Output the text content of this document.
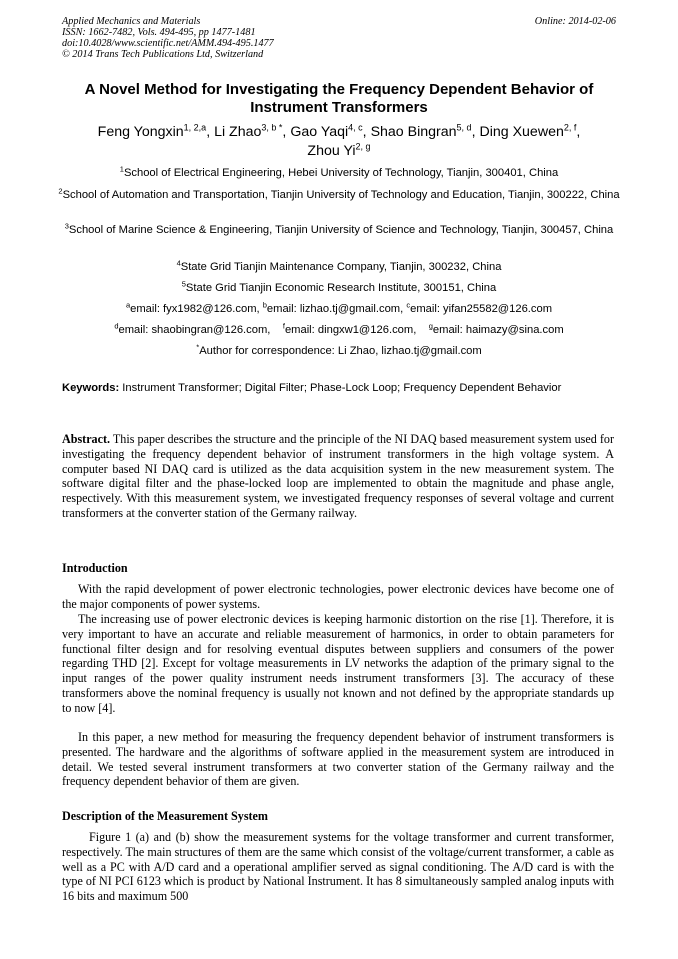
Applied Mechanics and Materials
ISSN: 1662-7482, Vols. 494-495, pp 1477-1481
doi:10.4028/www.scientific.net/AMM.494-495.1477
© 2014 Trans Tech Publications Ltd, Switzerland
Online: 2014-02-06
A Novel Method for Investigating the Frequency Dependent Behavior of Instrument Transformers
Feng Yongxin$^{1, 2,a}$, Li Zhao$^{3, b *}$, Gao Yaqi$^{4, c}$, Shao Bingran$^{5, d}$, Ding Xuewen$^{2, f}$,
Zhou Yi$^{2, g}$
$^1$School of Electrical Engineering, Hebei University of Technology, Tianjin, 300401, China
$^2$School of Automation and Transportation, Tianjin University of Technology and Education, Tianjin, 300222, China
$^3$School of Marine Science & Engineering, Tianjin University of Science and Technology, Tianjin, 300457, China
$^4$State Grid Tianjin Maintenance Company, Tianjin, 300232, China
$^5$State Grid Tianjin Economic Research Institute, 300151, China
$^a$email: fyx1982@126.com, $^b$email: lizhao.tj@gmail.com, $^c$email: yifan25582@126.com
$^d$email: shaobingran@126.com,    $^f$email: dingxw1@126.com,    $^g$email: haimazy@sina.com
*Author for correspondence: Li Zhao, lizhao.tj@gmail.com
Keywords: Instrument Transformer; Digital Filter; Phase-Lock Loop; Frequency Dependent Behavior
Abstract. This paper describes the structure and the principle of the NI DAQ based measurement system used for investigating the frequency dependent behavior of instrument transformers in the high voltage system. A computer based NI DAQ card is utilized as the data acquisition system in the new measurement system. The software digital filter and the phase-locked loop are implemented to obtain the magnitude and phase angle, respectively. With this measurement system, we investigated frequency responses of several voltage and current transformers at the converter station of the Germany railway.
Introduction
With the rapid development of power electronic technologies, power electronic devices have become one of the major components of power systems.
The increasing use of power electronic devices is keeping harmonic distortion on the rise [1]. Therefore, it is very important to have an accurate and reliable measurement of harmonics, in order to obtain parameters for functional filter design and for resolving eventual disputes between suppliers and consumers of the power regarding THD [2]. Except for voltage measurements in LV networks the adaption of the primary signal to the input ranges of the power quality instrument needs instrument transformers [3]. The accuracy of these transformers above the nominal frequency is usually not known and not defined by the appropriate standards up to now [4].
In this paper, a new method for measuring the frequency dependent behavior of instrument transformers is presented. The hardware and the algorithms of software applied in the measurement system are introduced in detail. We tested several instrument transformers at two converter station of the Germany railway and the frequency dependent behavior of them are given.
Description of the Measurement System
Figure 1 (a) and (b) show the measurement systems for the voltage transformer and current transformer, respectively. The main structures of them are the same which consist of the voltage/current transformer, a cable as well as a PC with A/D card and a operational amplifier served as signal conditioning. The A/D card is with the type of NI PCI 6123 which is product by National Instrument. It has 8 simultaneously sampled analog inputs with 16 bits and maximum 500
